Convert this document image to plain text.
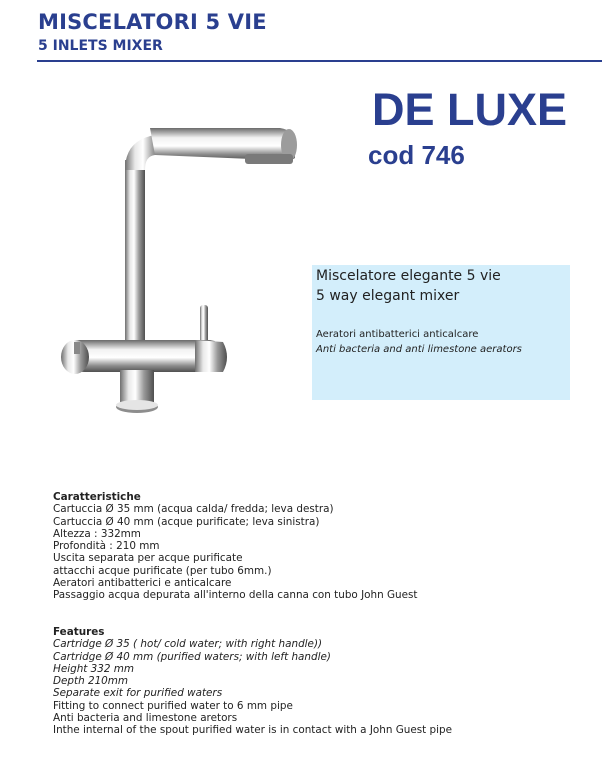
MISCELATORI 5 VIE
5 INLETS MIXER
DE LUXE
cod 746
Miscelatore elegante 5 vie
5 way elegant mixer
Aeratori antibatterici anticalcare
Anti bacteria and anti limestone aerators
Caratteristiche
Cartuccia Ø 35 mm (acqua calda/ fredda; leva destra)
Cartuccia Ø 40 mm (acque purificate; leva sinistra)
Altezza : 332mm
Profondità : 210 mm
Uscita separata per acque purificate
attacchi acque purificate (per tubo 6mm.)
Aeratori antibatterici e anticalcare
Passaggio acqua depurata all'interno della canna con tubo John Guest
Features
Cartridge Ø 35 ( hot/ cold water; with right handle))
Cartridge Ø 40 mm (purified waters; with left handle)
Height 332 mm
Depth 210mm
Separate exit for purified waters
Fitting to connect purified water to 6 mm pipe
Anti bacteria and limestone aretors
Inthe internal of the spout purified water is in contact with a John Guest pipe
